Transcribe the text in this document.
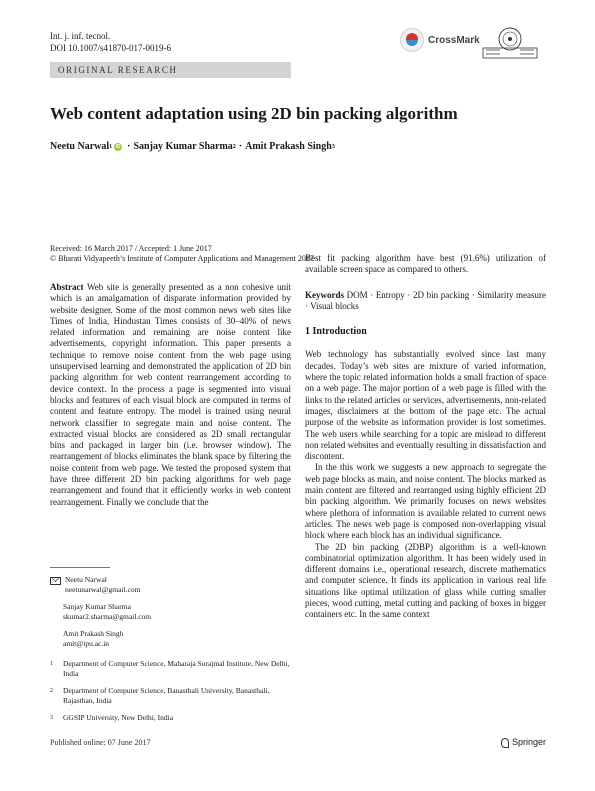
Int. j. inf. tecnol.
DOI 10.1007/s41870-017-0019-6
CrossMark
ORIGINAL RESEARCH
Web content adaptation using 2D bin packing algorithm
Neetu Narwal 1 iD · Sanjay Kumar Sharma 2 · Amit Prakash Singh 3
Received: 16 March 2017 / Accepted: 1 June 2017
© Bharati Vidyapeeth’s Institute of Computer Applications and Management 2017

Abstract Web site is generally presented as a non cohesive unit which is an amalgamation of disparate information provided by website designer. Some of the most common news web sites like Times of India, Hindustan Times consists of 30–40% of news related information and remaining are noise content like advertisements, copyright information. This paper presents a technique to remove noise content from the web page using unsupervised learning and demonstrated the application of 2D bin packing algorithm for web content rearrangement according to device context. In the process a page is segmented into visual blocks and features of each visual block are computed in terms of content and feature entropy. The model is trained using neural network classifier to segregate main and noise content. The extracted visual blocks are considered as 2D small rectangular bins and packaged in larger bin (i.e. browser window). The rearrangement of blocks eliminates the blank space by filtering the noise content from web page. We tested the proposed system that have three different 2D bin packing algorithms for web page rearrangement and found that it efficiently works in web content rearrangement. Finally we conclude that the

Best fit packing algorithm have best (91.6%) utilization of available screen space as compared to others.

Keywords DOM · Entropy · 2D bin packing · Similarity measure · Visual blocks

1 Introduction

Web technology has substantially evolved since last many decades. Today’s web sites are mixture of varied information, where the topic related information holds a small fraction of space on a web page. The major portion of a web page is filled with the links to the related articles or services, advertisements, non-related images, disclaimers at the bottom of the page etc. The actual purpose of the website as information provider is lost sometimes. The web users while searching for a topic are mislead to different non related websites and eventually resulting in dissatisfaction and discontent.

In the this work we suggests a new approach to segregate the web page blocks as main, and noise content. The blocks marked as main content are filtered and rearranged using highly efficient 2D bin packing algorithm. We primarily focuses on news websites where plethora of information is available related to current news articles. The news web page is composed non-overlapping visual block where each block has an individual significance.

The 2D bin packing (2DBP) algorithm is a well-known combinatorial optimization algorithm. It has been widely used in different domains i.e., operational research, discrete mathematics and computer science. It finds its application in various real life situations like optimal utilization of glass while cutting smaller pieces, wood cutting, metal cutting and packing of boxes in bigger containers etc. In the same context

Neetu Narwal
neetunarwal@gmail.com
Sanjay Kumar Sharma
skumar2.sharma@gmail.com
Amit Prakash Singh
amit@ipu.ac.in
1	Department of Computer Science, Maharaja Surajmal Institute, New Delhi, India
2	Department of Computer Science, Banasthali University, Banasthali, Rajasthan, India
3	GGSIP University, New Delhi, India
Published online: 07 June 2017	Springer
